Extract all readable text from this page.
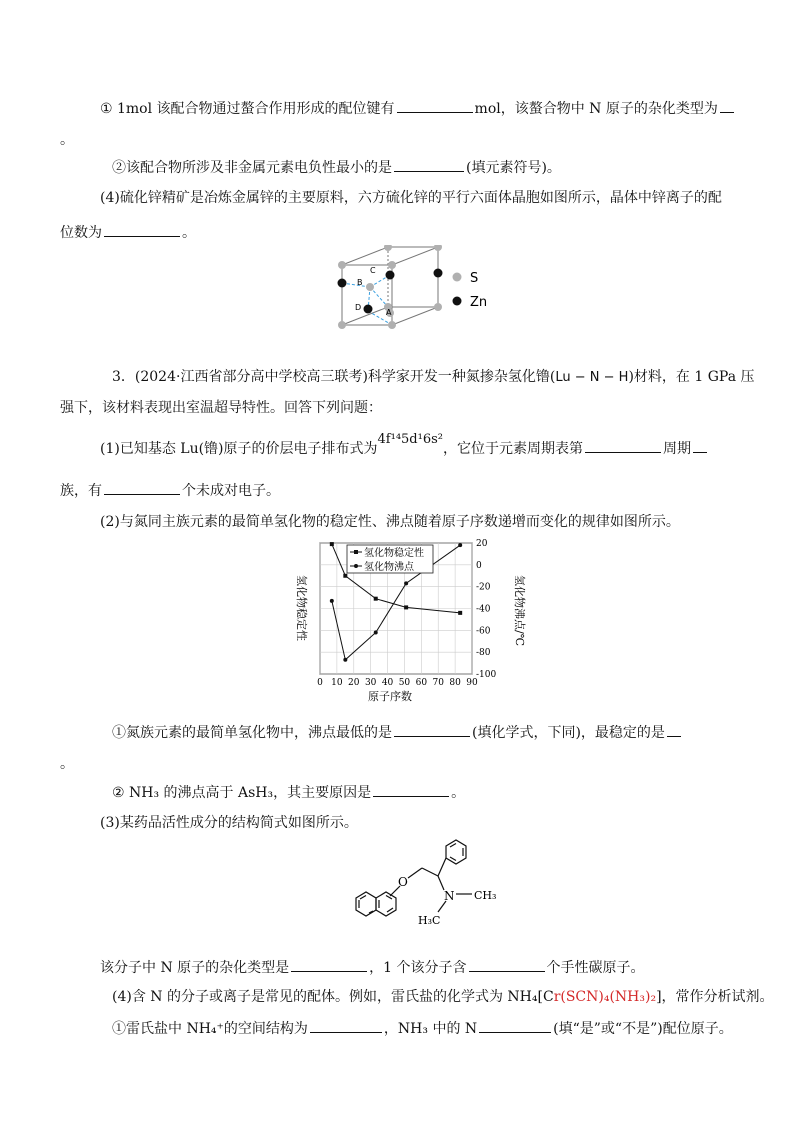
① 1mol 该配合物通过螯合作用形成的配位键有	mol，该螯合物中 N 原子的杂化类型为
。
②该配合物所涉及非金属元素电负性最小的是	(填元素符号)。
(4)硫化锌精矿是冶炼金属锌的主要原料，六方硫化锌的平行六面体晶胞如图所示，晶体中锌离子的配
位数为	。
C
B
D
A
S
Zn
3．(2024·江西省部分高中学校高三联考)科学家开发一种氮掺杂氢化镥(Lu − N − H)材料，在 1 GPa 压
强下，该材料表现出室温超导特性。回答下列问题：
(1)已知基态 Lu(镥)原子的价层电子排布式为4f¹⁴5d¹6s²，它位于元素周期表第	周期
族，有	个未成对电子。
(2)与氮同主族元素的最简单氢化物的稳定性、沸点随着原子序数递增而变化的规律如图所示。
0 10 20 30 40 50 60 70 80 90
20
0
-20
-40
-60
-80
-100
氢化物稳定性
氢化物沸点
氢化物稳定性	氢化物沸点/℃
原子序数
①氮族元素的最简单氢化物中，沸点最低的是	(填化学式，下同)，最稳定的是
。
② NH₃ 的沸点高于 AsH₃，其主要原因是	。
(3)某药品活性成分的结构简式如图所示。
O
N CH₃
H₃C
该分子中 N 原子的杂化类型是	，1 个该分子含	个手性碳原子。
(4)含 N 的分子或离子是常见的配体。例如，雷氏盐的化学式为 NH₄[Cr(SCN)₄(NH₃)₂]，常作分析试剂。
①雷氏盐中 NH₄⁺的空间结构为	，NH₃ 中的 N	(填“是”或“不是”)配位原子。
